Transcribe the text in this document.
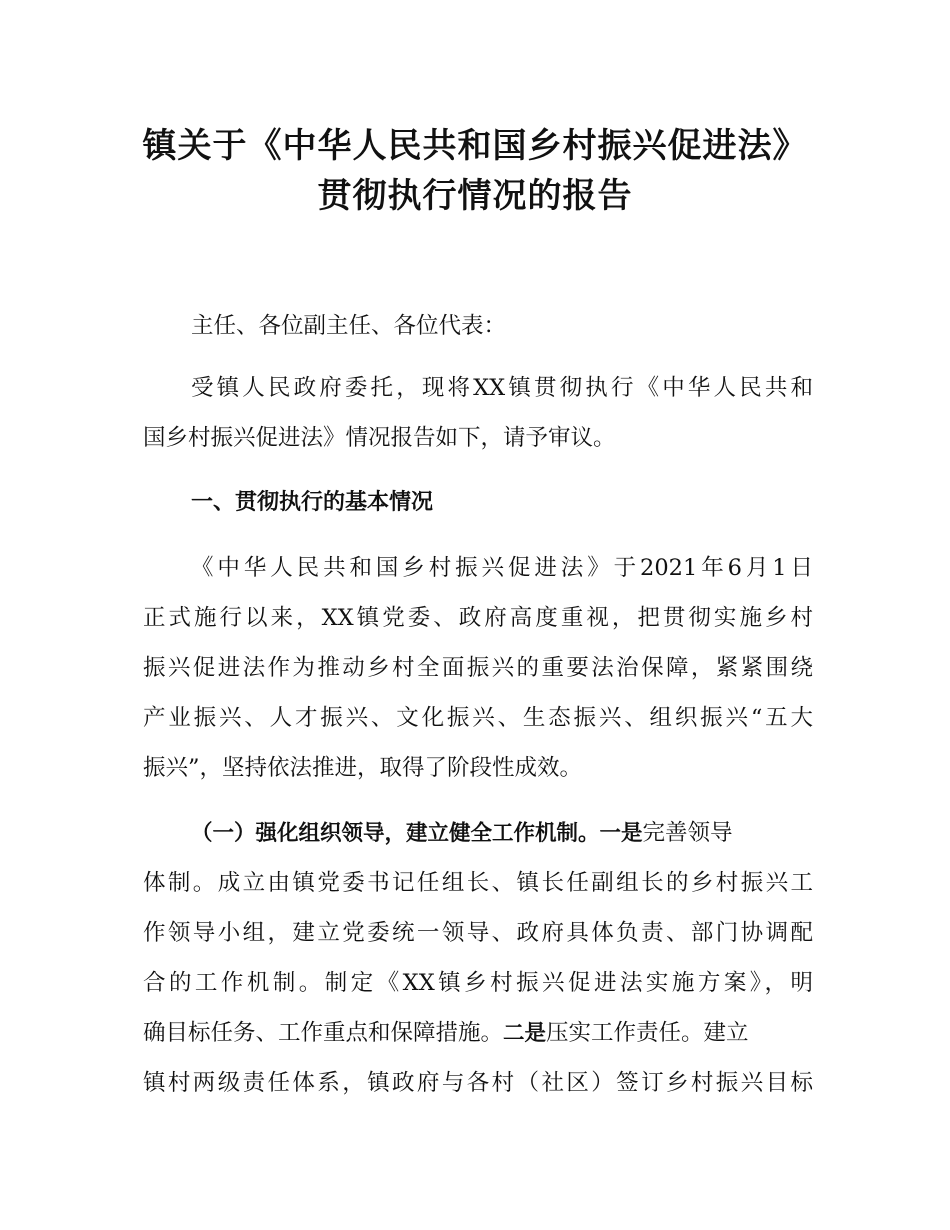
镇关于《中华人民共和国乡村振兴促进法》
贯彻执行情况的报告
主任、各位副主任、各位代表：
受镇人民政府委托，现将XX镇贯彻执行《中华人民共和
国乡村振兴促进法》情况报告如下，请予审议。
一、贯彻执行的基本情况
《中华人民共和国乡村振兴促进法》于2021年6月1日
正式施行以来，XX镇党委、政府高度重视，把贯彻实施乡村
振兴促进法作为推动乡村全面振兴的重要法治保障，紧紧围绕
产业振兴、人才振兴、文化振兴、生态振兴、组织振兴“五大
振兴”，坚持依法推进，取得了阶段性成效。
（一）强化组织领导，建立健全工作机制。一是完善领导
体制。成立由镇党委书记任组长、镇长任副组长的乡村振兴工
作领导小组，建立党委统一领导、政府具体负责、部门协调配
合的工作机制。制定《XX镇乡村振兴促进法实施方案》，明
确目标任务、工作重点和保障措施。二是压实工作责任。建立
镇村两级责任体系，镇政府与各村（社区）签订乡村振兴目标
